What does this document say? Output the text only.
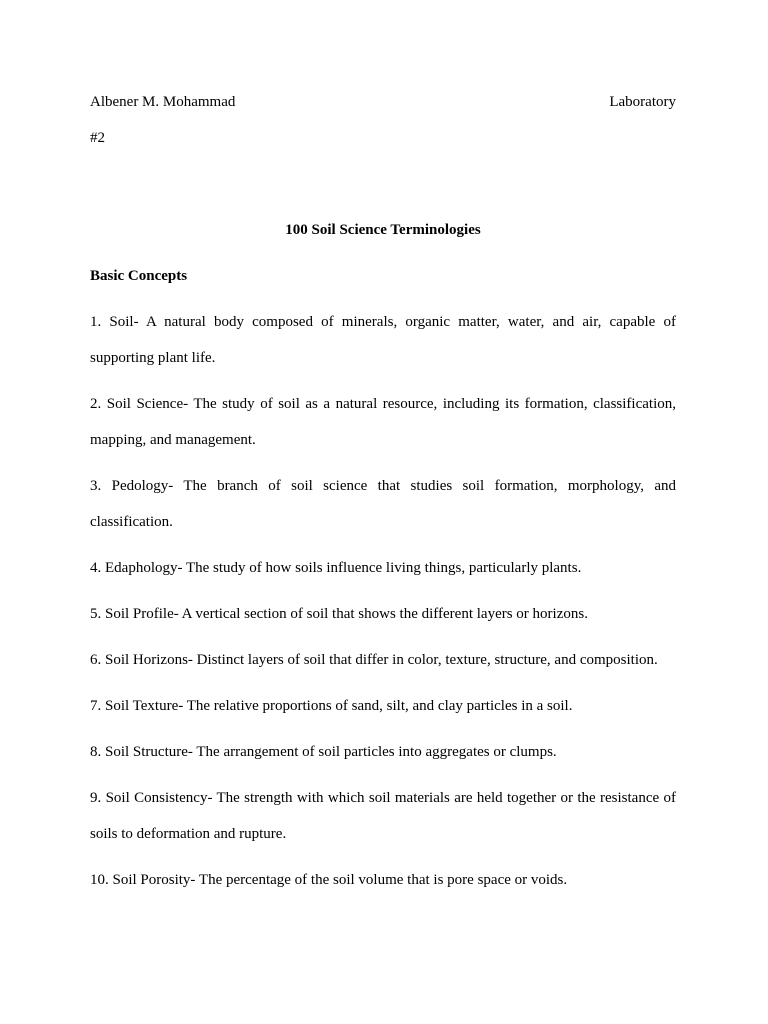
Albener M. Mohammad	Laboratory
#2
100 Soil Science Terminologies
Basic Concepts
1. Soil- A natural body composed of minerals, organic matter, water, and air, capable of supporting plant life.
2. Soil Science- The study of soil as a natural resource, including its formation, classification, mapping, and management.
3. Pedology- The branch of soil science that studies soil formation, morphology, and classification.
4. Edaphology- The study of how soils influence living things, particularly plants.
5. Soil Profile- A vertical section of soil that shows the different layers or horizons.
6. Soil Horizons- Distinct layers of soil that differ in color, texture, structure, and composition.
7. Soil Texture- The relative proportions of sand, silt, and clay particles in a soil.
8. Soil Structure- The arrangement of soil particles into aggregates or clumps.
9. Soil Consistency- The strength with which soil materials are held together or the resistance of soils to deformation and rupture.
10. Soil Porosity- The percentage of the soil volume that is pore space or voids.
